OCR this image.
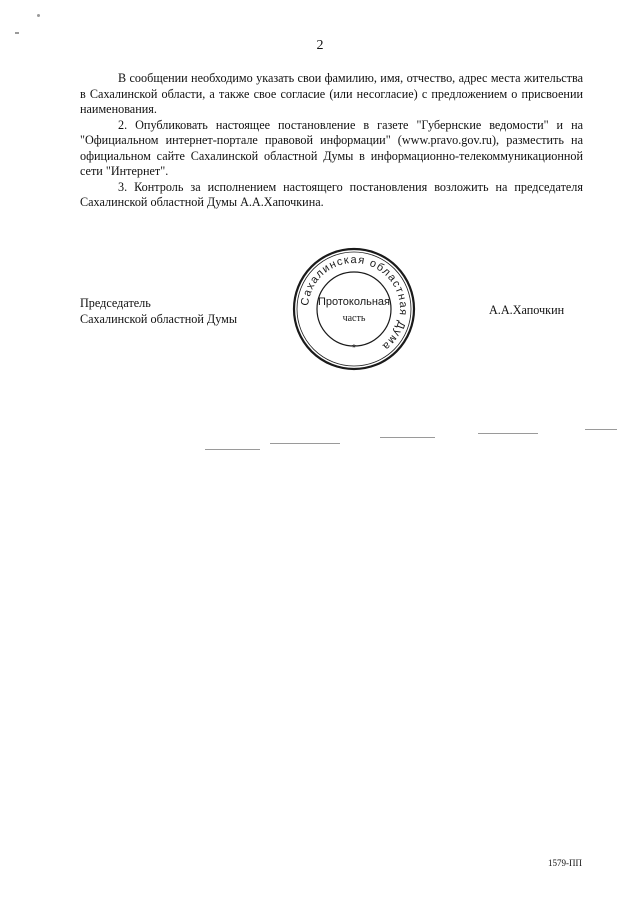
2

В сообщении необходимо указать свои фамилию, имя, отчество, адрес места жительства в Сахалинской области, а также свое согласие (или несогласие) с предложением о присвоении наименования.

2. Опубликовать настоящее постановление в газете "Губернские ведомости" и на "Официальном интернет-портале правовой информации" (www.pravo.gov.ru), разместить на официальном сайте Сахалинской областной Думы в информационно-телекоммуникационной сети "Интернет".

3. Контроль за исполнением настоящего постановления возложить на председателя Сахалинской областной Думы А.А.Хапочкина.

Председатель
Сахалинской областной Думы
А.А.Хапочкин
Сахалинская областная Дума
*
Протокольная
часть
1579-ПП
